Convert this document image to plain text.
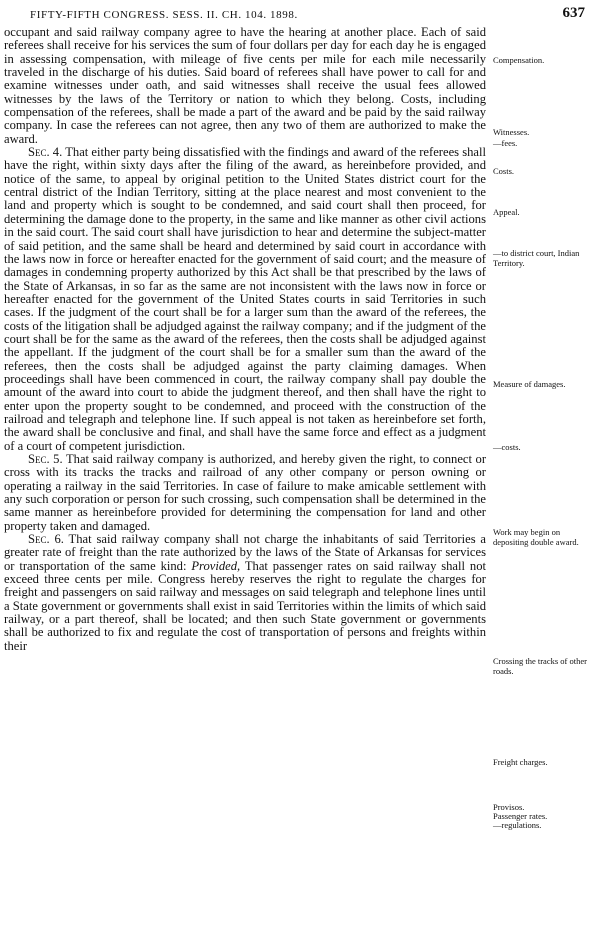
FIFTY-FIFTH CONGRESS. SESS. II. CH. 104. 1898.	637

occupant and said railway company agree to have the hearing at another place. Each of said referees shall receive for his services the sum of four dollars per day for each day he is engaged in assessing compensation, with mileage of five cents per mile for each mile necessarily traveled in the discharge of his duties. Said board of referees shall have power to call for and examine witnesses under oath, and said witnesses shall receive the usual fees allowed witnesses by the laws of the Territory or nation to which they belong. Costs, including compensation of the referees, shall be made a part of the award and be paid by the said railway company. In case the referees can not agree, then any two of them are authorized to make the award.

Sec. 4. That either party being dissatisfied with the findings and award of the referees shall have the right, within sixty days after the filing of the award, as hereinbefore provided, and notice of the same, to appeal by original petition to the United States district court for the central district of the Indian Territory, sitting at the place nearest and most convenient to the land and property which is sought to be condemned, and said court shall then proceed, for determining the damage done to the property, in the same and like manner as other civil actions in the said court. The said court shall have jurisdiction to hear and determine the subject-matter of said petition, and the same shall be heard and determined by said court in accordance with the laws now in force or hereafter enacted for the government of said court; and the measure of damages in condemning property authorized by this Act shall be that prescribed by the laws of the State of Arkansas, in so far as the same are not inconsistent with the laws now in force or hereafter enacted for the government of the United States courts in said Territories in such cases. If the judgment of the court shall be for a larger sum than the award of the referees, the costs of the litigation shall be adjudged against the railway company; and if the judgment of the court shall be for the same as the award of the referees, then the costs shall be adjudged against the appellant. If the judgment of the court shall be for a smaller sum than the award of the referees, then the costs shall be adjudged against the party claiming damages. When proceedings shall have been commenced in court, the railway company shall pay double the amount of the award into court to abide the judgment thereof, and then shall have the right to enter upon the property sought to be condemned, and proceed with the construction of the railroad and telegraph and telephone line. If such appeal is not taken as hereinbefore set forth, the award shall be conclusive and final, and shall have the same force and effect as a judgment of a court of competent jurisdiction.

Sec. 5. That said railway company is authorized, and hereby given the right, to connect or cross with its tracks the tracks and railroad of any other company or person owning or operating a railway in the said Territories. In case of failure to make amicable settlement with any such corporation or person for such crossing, such compensation shall be determined in the same manner as hereinbefore provided for determining the compensation for land and other property taken and damaged.

Sec. 6. That said railway company shall not charge the inhabitants of said Territories a greater rate of freight than the rate authorized by the laws of the State of Arkansas for services or transportation of the same kind: Provided, That passenger rates on said railway shall not exceed three cents per mile. Congress hereby reserves the right to regulate the charges for freight and passengers on said railway and messages on said telegraph and telephone lines until a State government or governments shall exist in said Territories within the limits of which said railway, or a part thereof, shall be located; and then such State government or governments shall be authorized to fix and regulate the cost of transportation of persons and freights within their

Compensation.
Witnesses.
—fees.
Costs.
Appeal.
—to district court, Indian Territory.
Measure of damages.
—costs.
Work may begin on depositing double award.
Crossing the tracks of other roads.
Freight charges.
Provisos.
Passenger rates.
—regulations.
